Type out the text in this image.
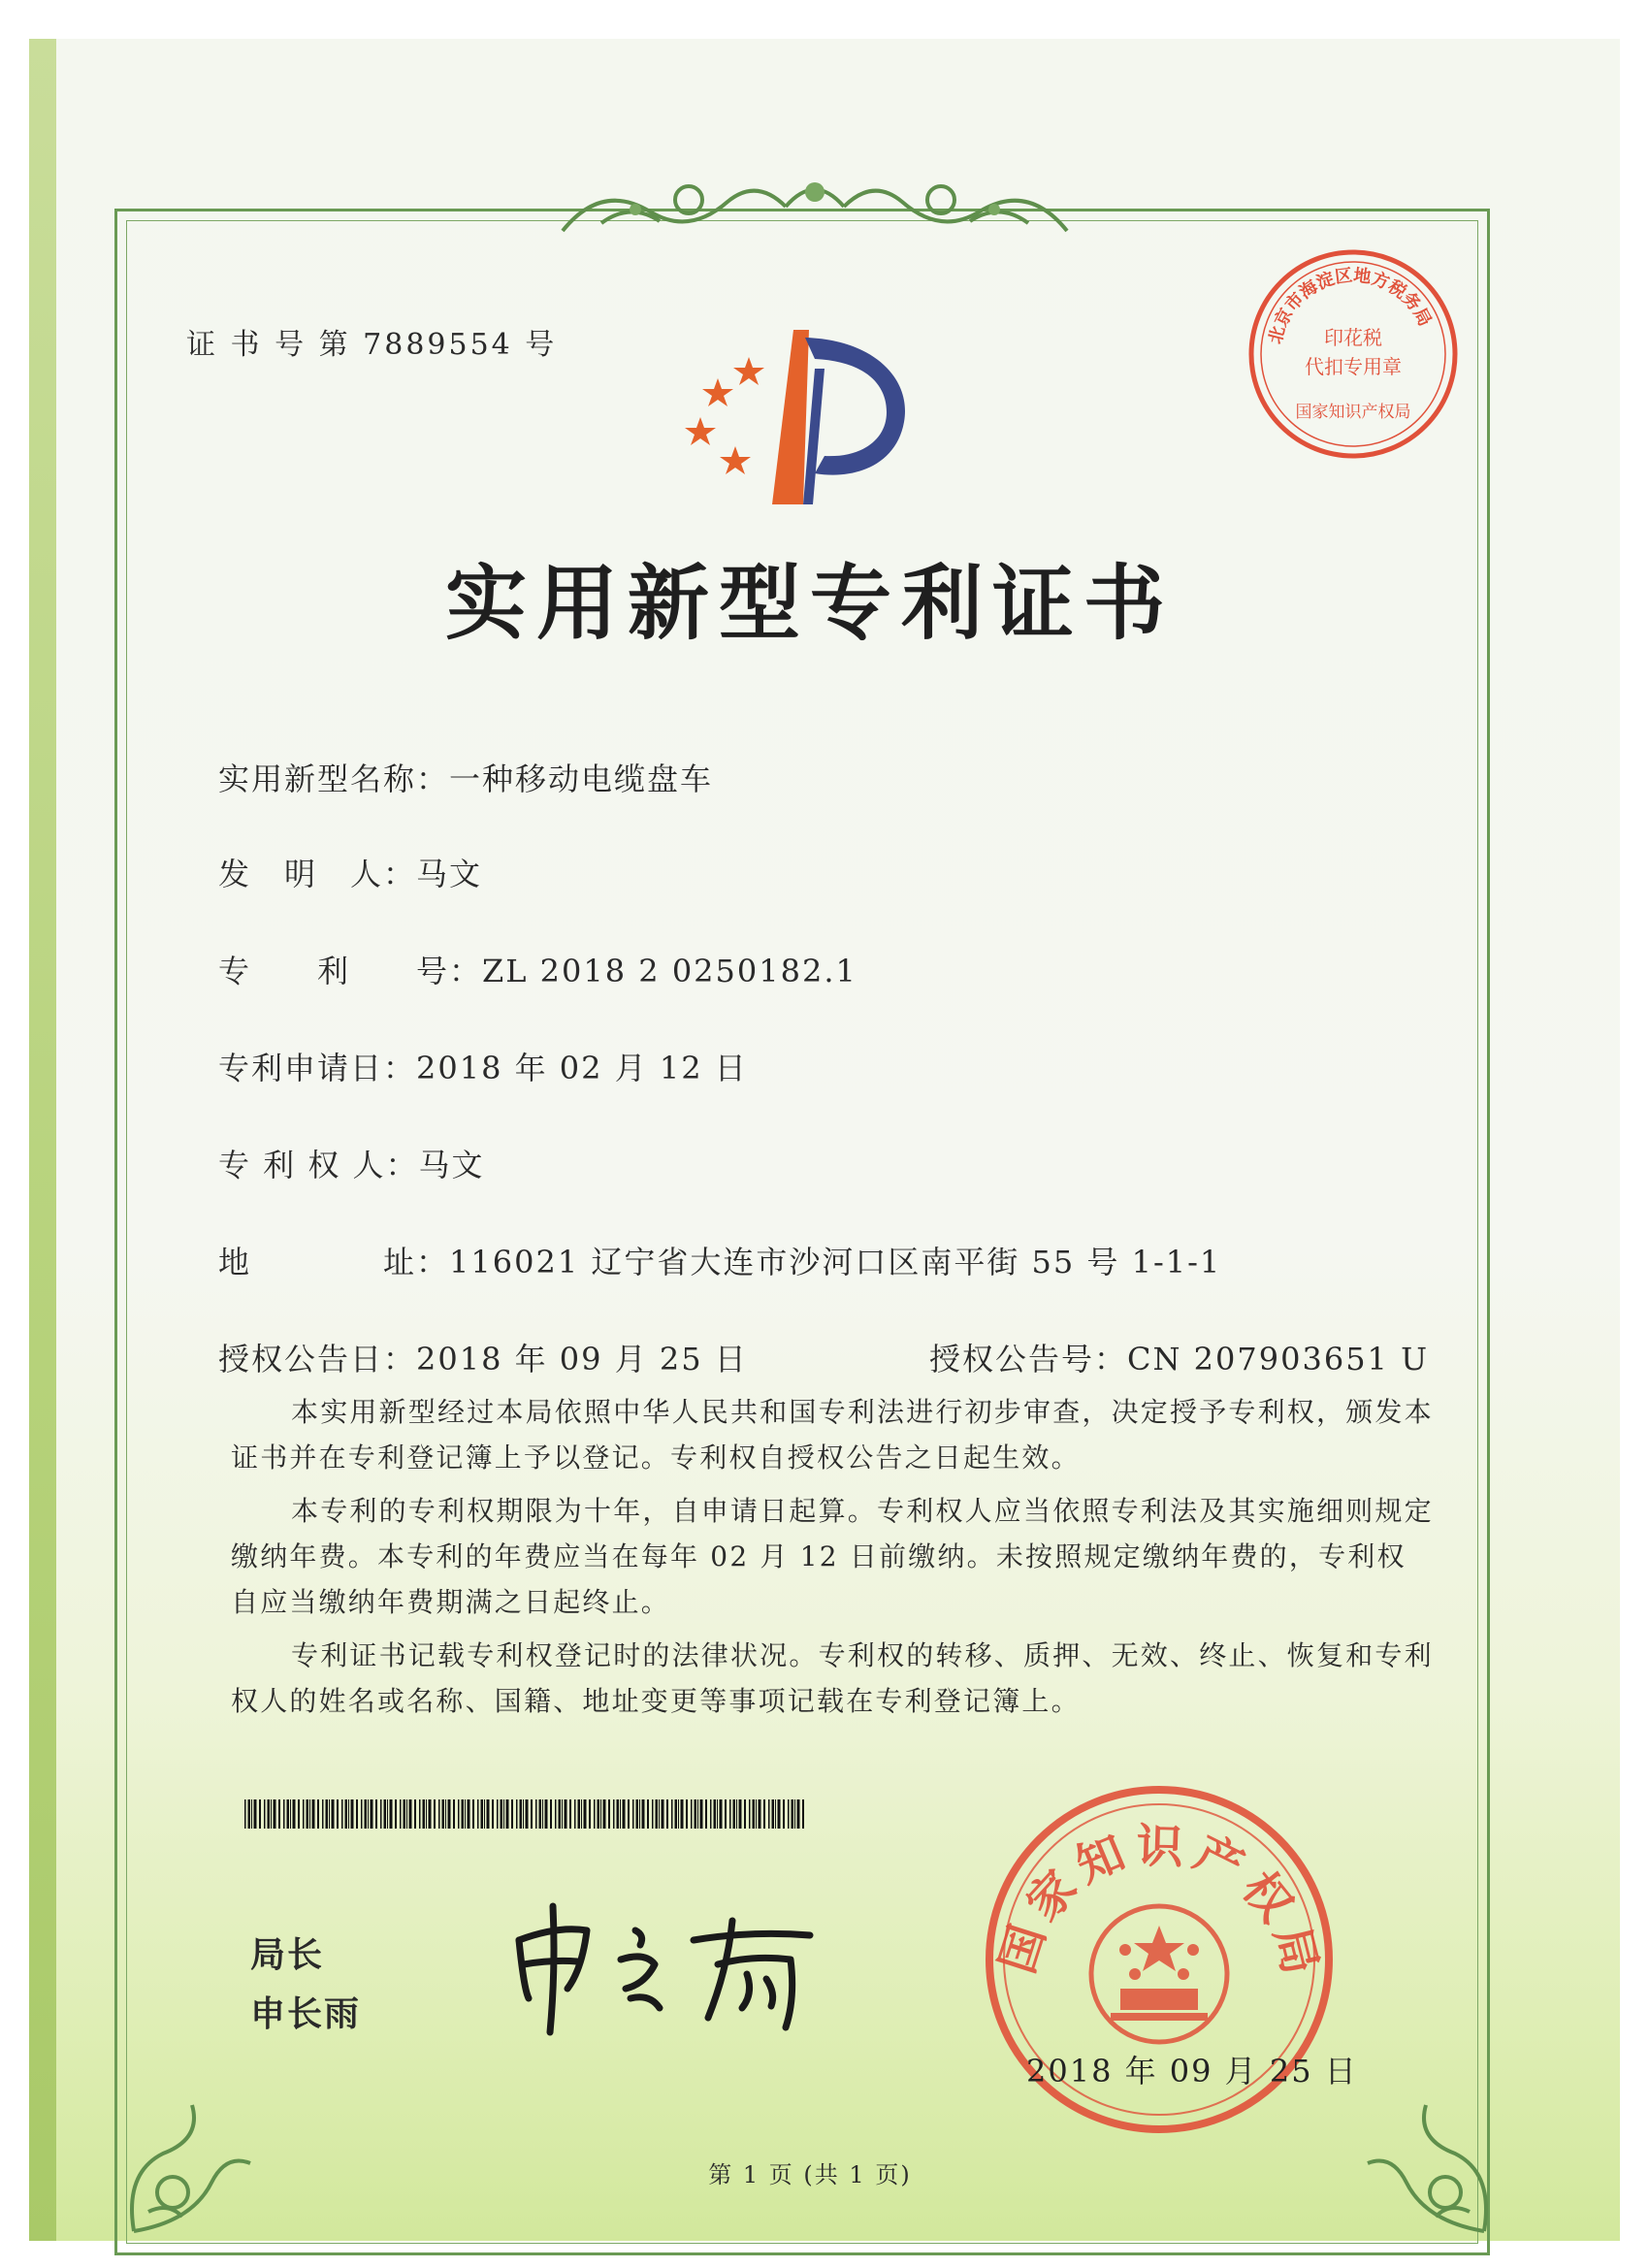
证 书 号 第 7889554 号	北京市海淀区地方税务局
印花税
代扣专用章
国家知识产权局
实用新型专利证书
实用新型名称：一种移动电缆盘车
发　明　人：马文
专　　利　　号：ZL 2018 2 0250182.1
专利申请日：2018 年 02 月 12 日
专 利 权 人：马文
地　　　　址：116021 辽宁省大连市沙河口区南平街 55 号 1-1-1
授权公告日：2018 年 09 月 25 日	授权公告号：CN 207903651 U
本实用新型经过本局依照中华人民共和国专利法进行初步审查，决定授予专利权，颁发本证书并在专利登记簿上予以登记。专利权自授权公告之日起生效。
本专利的专利权期限为十年，自申请日起算。专利权人应当依照专利法及其实施细则规定缴纳年费。本专利的年费应当在每年 02 月 12 日前缴纳。未按照规定缴纳年费的，专利权自应当缴纳年费期满之日起终止。
专利证书记载专利权登记时的法律状况。专利权的转移、质押、无效、终止、恢复和专利权人的姓名或名称、国籍、地址变更等事项记载在专利登记簿上。
局长
申长雨
国家知识产权局
2018 年 09 月 25 日
第 1 页 (共 1 页)
